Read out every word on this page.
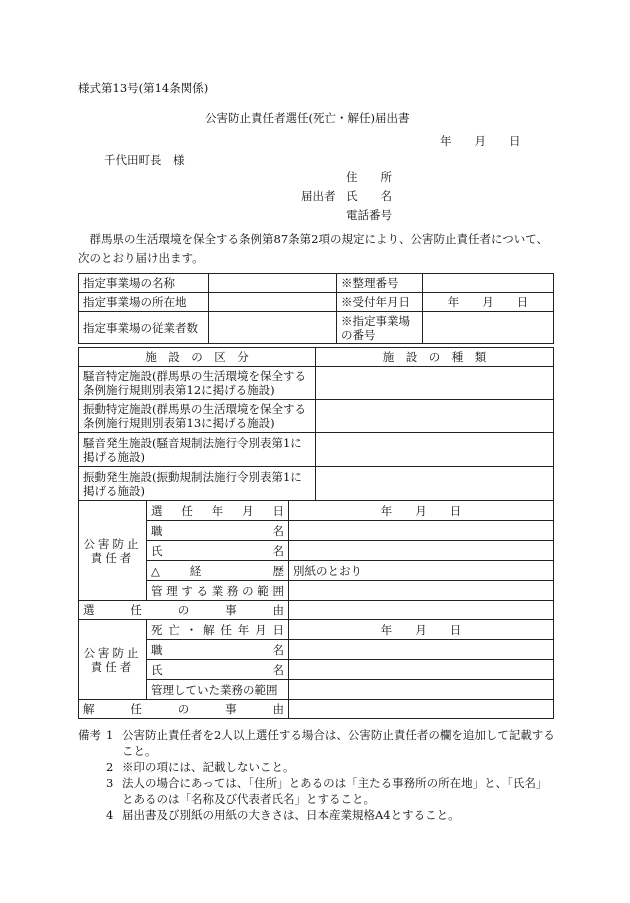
様式第13号(第14条関係)
公害防止責任者選任(死亡・解任)届出書
年　　月　　日
千代田町長　様
住　　所
届出者 氏　　名
電話番号
　群馬県の生活環境を保全する条例第87条第2項の規定により、公害防止責任者について、次のとおり届け出ます。
指定事業場の名称		※整理番号	
指定事業場の所在地		※受付年月日	年　　月　　日
指定事業場の従業者数		※指定事業場の番号	
施　設　の　区　分	施　設　の　種　類
騒音特定施設(群馬県の生活環境を保全する条例施行規則別表第12に掲げる施設)	
振動特定施設(群馬県の生活環境を保全する条例施行規則別表第13に掲げる施設)	
騒音発生施設(騒音規制法施行令別表第1に掲げる施設)	
振動発生施設(振動規制法施行令別表第1に掲げる施設)	
公害防止責任者	選任年月日	年　　月　　日
	職　名	
	氏　名	
	△経　歴	別紙のとおり
	管理する業務の範囲	
選任の事由		
公害防止責任者	死亡・解任年月日	年　　月　　日
	職　名	
	氏　名	
	管理していた業務の範囲	
解任の事由		
備考 1 公害防止責任者を2人以上選任する場合は、公害防止責任者の欄を追加して記載すること。
2 ※印の項には、記載しないこと。
3 法人の場合にあっては、「住所」とあるのは「主たる事務所の所在地」と、「氏名」とあるのは「名称及び代表者氏名」とすること。
4 届出書及び別紙の用紙の大きさは、日本産業規格A4とすること。
